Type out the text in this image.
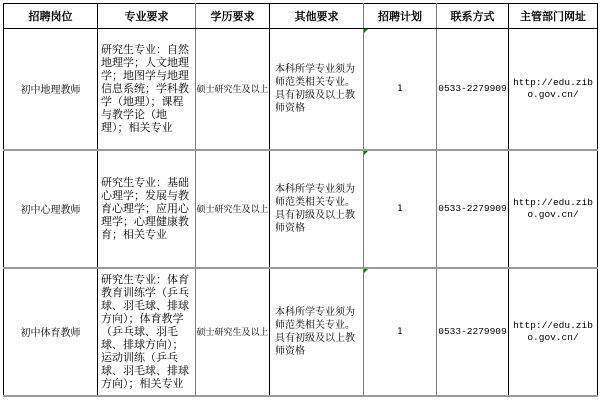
招聘岗位	专业要求	学历要求	其他要求	招聘计划	联系方式	主管部门网址
初中地理教师	研究生专业：自然地理学；人文地理学；地图学与地理信息系统；学科教学（地理）；课程与教学论（地理）；相关专业	硕士研究生及以上	本科所学专业须为师范类相关专业。具有初级及以上教师资格	1	0533-2279909	http://edu.zibo.gov.cn/

初中心理教师	研究生专业：基础心理学；发展与教育心理学；应用心理学；心理健康教育；相关专业	硕士研究生及以上	本科所学专业须为师范类相关专业。具有初级及以上教师资格	1	0533-2279909	http://edu.zibo.gov.cn/

初中体育教师	研究生专业：体育教育训练学（乒乓球、羽毛球、排球方向）；体育教学（乒乓球、羽毛球、排球方向）；运动训练（乒乓球、羽毛球、排球方向）；相关专业	硕士研究生及以上	本科所学专业须为师范类相关专业。具有初级及以上教师资格	1	0533-2279909	http://edu.zibo.gov.cn/
